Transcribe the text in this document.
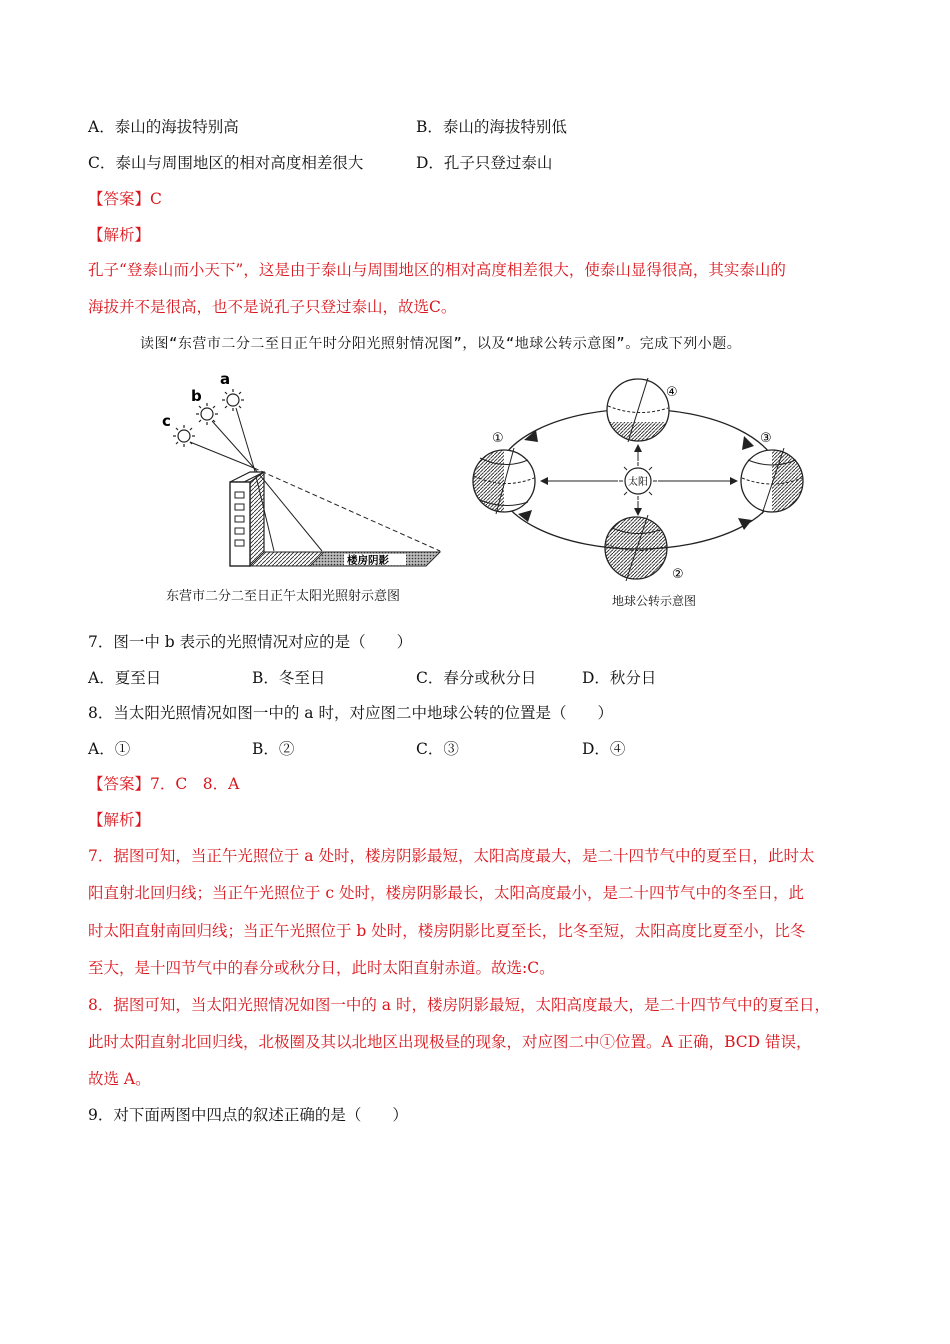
A．泰山的海拔特别高	B．泰山的海拔特别低
C．泰山与周围地区的相对高度相差很大	D．孔子只登过泰山
【答案】C
【解析】
孔子“登泰山而小天下”，这是由于泰山与周围地区的相对高度相差很大，使泰山显得很高，其实泰山的
海拔并不是很高，也不是说孔子只登过泰山，故选C。
读图“东营市二分二至日正午时分阳光照射情况图”，以及“地球公转示意图”。完成下列小题。
a
b
c
楼房阴影
东营市二分二至日正午太阳光照射示意图
太阳
①
②
③
④
地球公转示意图
7．图一中 b 表示的光照情况对应的是（　　）
A．夏至日	B．冬至日	C．春分或秋分日	D．秋分日
8．当太阳光照情况如图一中的 a 时，对应图二中地球公转的位置是（　　）
A．①	B．②	C．③	D．④
【答案】7．C　8．A
【解析】
7．据图可知，当正午光照位于 a 处时，楼房阴影最短，太阳高度最大，是二十四节气中的夏至日，此时太
阳直射北回归线；当正午光照位于 c 处时，楼房阴影最长，太阳高度最小，是二十四节气中的冬至日，此
时太阳直射南回归线；当正午光照位于 b 处时，楼房阴影比夏至长，比冬至短，太阳高度比夏至小，比冬
至大，是十四节气中的春分或秋分日，此时太阳直射赤道。故选:C。
8．据图可知，当太阳光照情况如图一中的 a 时，楼房阴影最短，太阳高度最大，是二十四节气中的夏至日，
此时太阳直射北回归线，北极圈及其以北地区出现极昼的现象，对应图二中①位置。A 正确，BCD 错误，
故选 A。
9．对下面两图中四点的叙述正确的是（　　）
